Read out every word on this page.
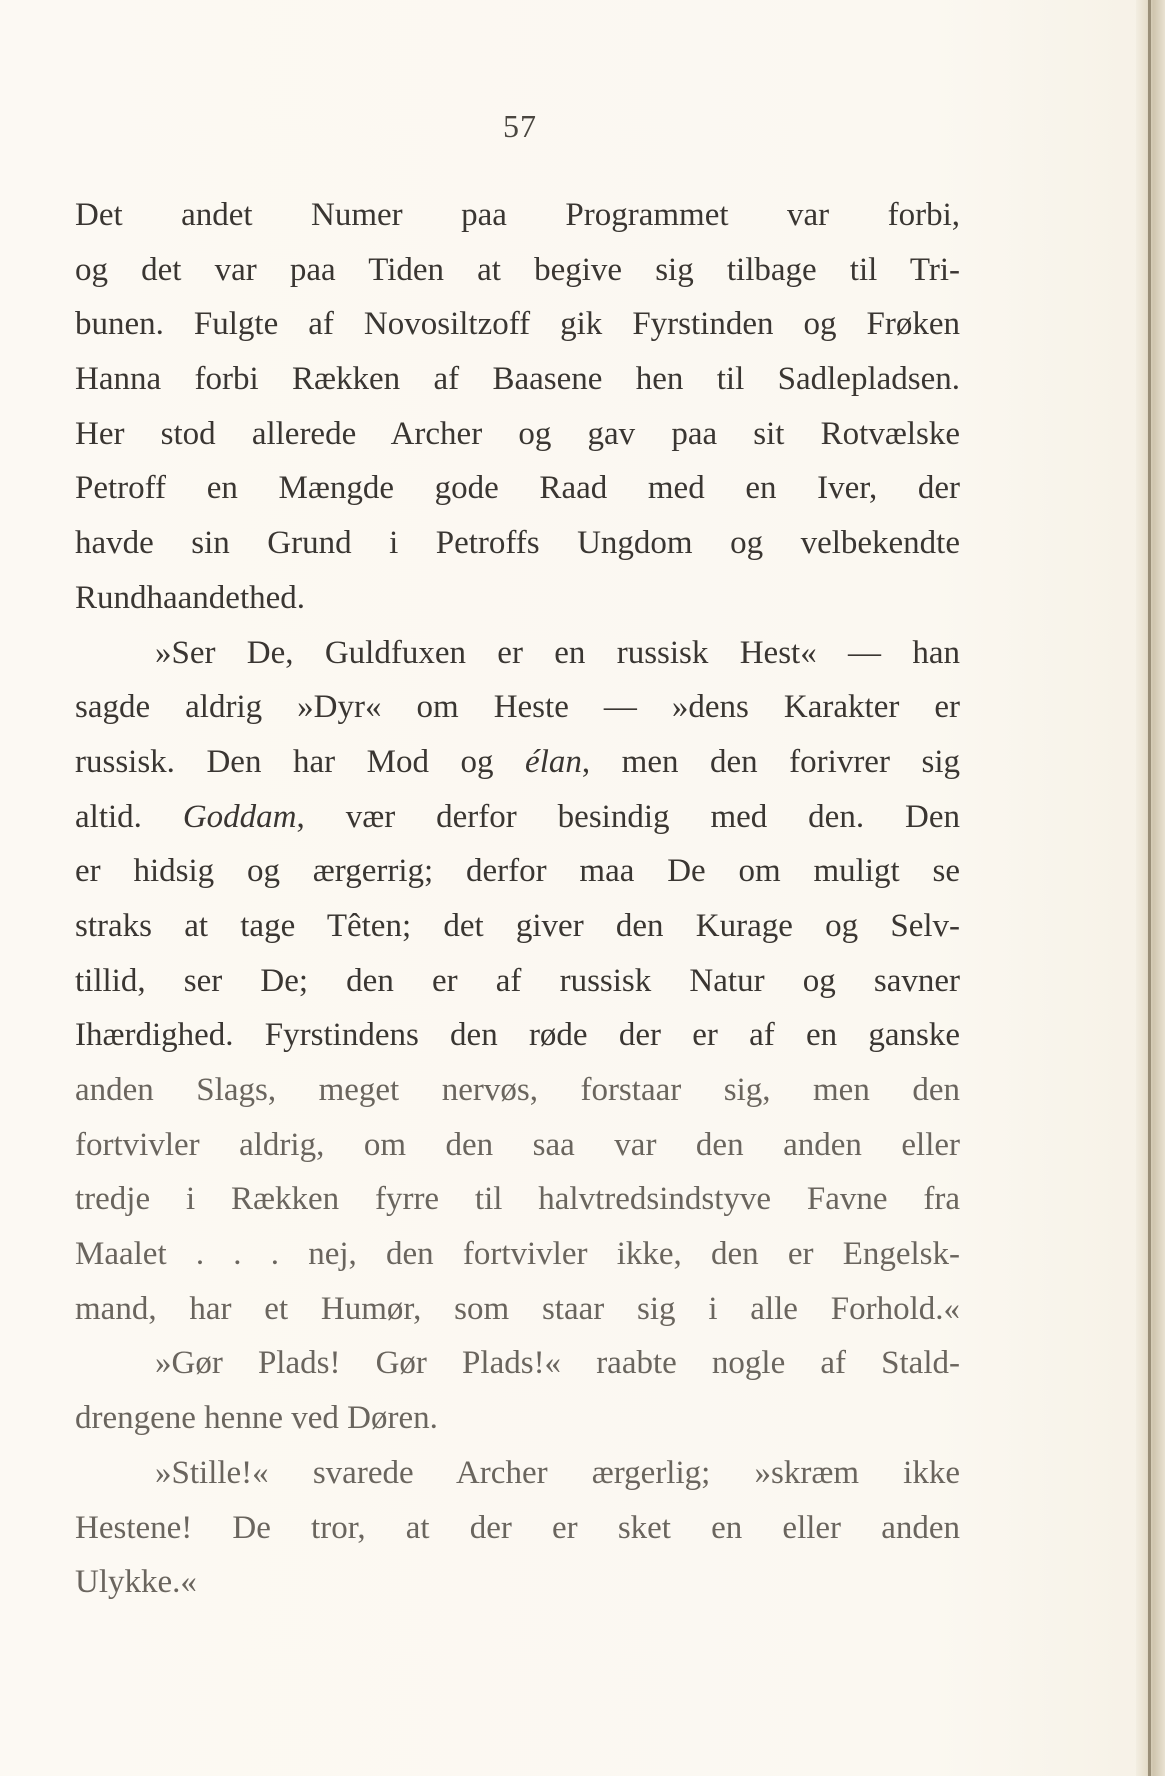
57
Det andet Numer paa Programmet var forbi,
og det var paa Tiden at begive sig tilbage til Tri-
bunen. Fulgte af Novosiltzoff gik Fyrstinden og Frøken
Hanna forbi Rækken af Baasene hen til Sadlepladsen.
Her stod allerede Archer og gav paa sit Rotvælske
Petroff en Mængde gode Raad med en Iver, der
havde sin Grund i Petroffs Ungdom og velbekendte
Rundhaandethed.
»Ser De, Guldfuxen er en russisk Hest« — han
sagde aldrig »Dyr« om Heste — »dens Karakter er
russisk. Den har Mod og élan, men den forivrer sig
altid. Goddam, vær derfor besindig med den. Den
er hidsig og ærgerrig; derfor maa De om muligt se
straks at tage Têten; det giver den Kurage og Selv-
tillid, ser De; den er af russisk Natur og savner
Ihærdighed. Fyrstindens den røde der er af en ganske
anden Slags, meget nervøs, forstaar sig, men den
fortvivler aldrig, om den saa var den anden eller
tredje i Rækken fyrre til halvtredsindstyve Favne fra
Maalet . . . nej, den fortvivler ikke, den er Engelsk-
mand, har et Humør, som staar sig i alle Forhold.«
»Gør Plads! Gør Plads!« raabte nogle af Stald-
drengene henne ved Døren.
»Stille!« svarede Archer ærgerlig; »skræm ikke
Hestene! De tror, at der er sket en eller anden
Ulykke.«
